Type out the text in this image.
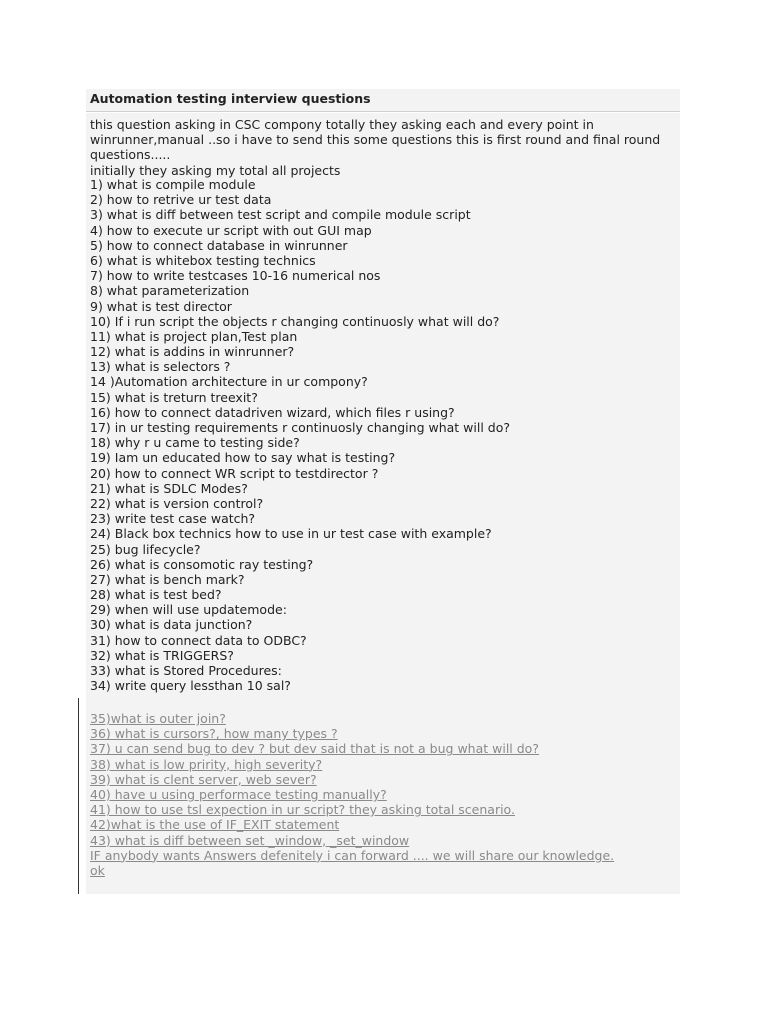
Automation testing interview questions

this question asking in CSC compony totally they asking each and every point in winrunner,manual ..so i have to send this some questions this is first round and final round questions.....

initially they asking my total all projects

1) what is compile module
2) how to retrive ur test data
3) what is diff between test script and compile module script
4) how to execute ur script with out GUI map
5) how to connect database in winrunner
6) what is whitebox testing technics
7) how to write testcases 10-16 numerical nos
8) what parameterization
9) what is test director
10) If i run script the objects r changing continuosly what will do?
11) what is project plan,Test plan
12) what is addins in winrunner?
13) what is selectors ?
14 )Automation architecture in ur compony?
15) what is treturn treexit?
16) how to connect datadriven wizard, which files r using?
17) in ur testing requirements r continuosly changing what will do?
18) why r u came to testing side?
19) Iam un educated how to say what is testing?
20) how to connect WR script to testdirector ?
21) what is SDLC Modes?
22) what is version control?
23) write test case watch?
24) Black box technics how to use in ur test case with example?
25) bug lifecycle?
26) what is consomotic ray testing?
27) what is bench mark?
28) what is test bed?
29) when will use updatemode:
30) what is data junction?
31) how to connect data to ODBC?
32) what is TRIGGERS?
33) what is Stored Procedures:
34) write query lessthan 10 sal?
35)what is outer join?
36) what is cursors?, how many types ?
37) u can send bug to dev ? but dev said that is not a bug what will do?
38) what is low pririty, high severity?
39) what is clent server, web sever?
40) have u using performace testing manually?
41) how to use tsl expection in ur script? they asking total scenario.
42)what is the use of IF_EXIT statement
43) what is diff between set _window, _set_window
IF anybody wants Answers defenitely i can forward .... we will share our knowledge.
ok
